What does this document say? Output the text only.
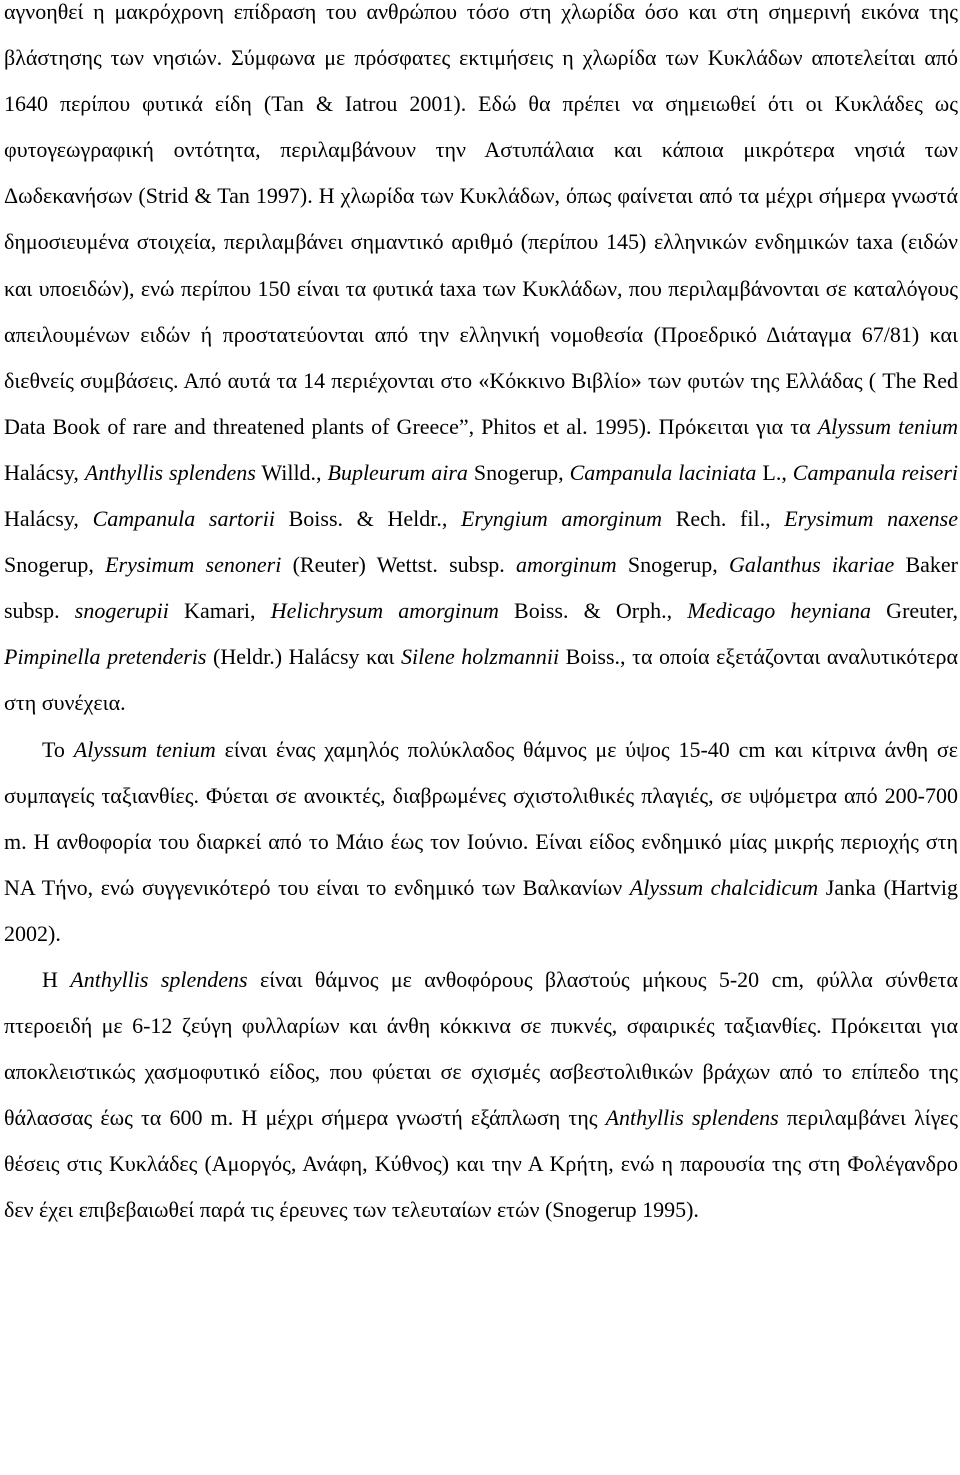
αγνοηθεί η μακρόχρονη επίδραση του ανθρώπου τόσο στη χλωρίδα όσο και στη σημερινή εικόνα της βλάστησης των νησιών. Σύμφωνα με πρόσφατες εκτιμήσεις η χλωρίδα των Κυκλάδων αποτελείται από 1640 περίπου φυτικά είδη (Tan & Iatrou 2001). Εδώ θα πρέπει να σημειωθεί ότι οι Κυκλάδες ως φυτογεωγραφική οντότητα, περιλαμβάνουν την Αστυπάλαια και κάποια μικρότερα νησιά των Δωδεκανήσων (Strid & Tan 1997). Η χλωρίδα των Κυκλάδων, όπως φαίνεται από τα μέχρι σήμερα γνωστά δημοσιευμένα στοιχεία, περιλαμβάνει σημαντικό αριθμό (περίπου 145) ελληνικών ενδημικών taxa (ειδών και υποειδών), ενώ περίπου 150 είναι τα φυτικά taxa των Κυκλάδων, που περιλαμβάνονται σε καταλόγους απειλουμένων ειδών ή προστατεύονται από την ελληνική νομοθεσία (Προεδρικό Διάταγμα 67/81) και διεθνείς συμβάσεις. Από αυτά τα 14 περιέχονται στο «Κόκκινο Βιβλίο» των φυτών της Ελλάδας ( The Red Data Book of rare and threatened plants of Greece”, Phitos et al. 1995). Πρόκειται για τα Alyssum tenium Halácsy, Anthyllis splendens Willd., Bupleurum aira Snogerup, Campanula laciniata L., Campanula reiseri Halácsy, Campanula sartorii Boiss. & Heldr., Eryngium amorginum Rech. fil., Erysimum naxense Snogerup, Erysimum senoneri (Reuter) Wettst. subsp. amorginum Snogerup, Galanthus ikariae Baker subsp. snogerupii Kamari, Helichrysum amorginum Boiss. & Orph., Medicago heyniana Greuter, Pimpinella pretenderis (Heldr.) Halácsy και Silene holzmannii Boiss., τα οποία εξετάζονται αναλυτικότερα στη συνέχεια.

Το Alyssum tenium είναι ένας χαμηλός πολύκλαδος θάμνος με ύψος 15-40 cm και κίτρινα άνθη σε συμπαγείς ταξιανθίες. Φύεται σε ανοικτές, διαβρωμένες σχιστολιθικές πλαγιές, σε υψόμετρα από 200-700 m. Η ανθοφορία του διαρκεί από το Μάιο έως τον Ιούνιο. Είναι είδος ενδημικό μίας μικρής περιοχής στη ΝΑ Τήνο, ενώ συγγενικότερό του είναι το ενδημικό των Βαλκανίων Alyssum chalcidicum Janka (Hartvig 2002).

Η Anthyllis splendens είναι θάμνος με ανθοφόρους βλαστούς μήκους 5-20 cm, φύλλα σύνθετα πτεροειδή με 6-12 ζεύγη φυλλαρίων και άνθη κόκκινα σε πυκνές, σφαιρικές ταξιανθίες. Πρόκειται για αποκλειστικώς χασμοφυτικό είδος, που φύεται σε σχισμές ασβεστολιθικών βράχων από το επίπεδο της θάλασσας έως τα 600 m. Η μέχρι σήμερα γνωστή εξάπλωση της Anthyllis splendens περιλαμβάνει λίγες θέσεις στις Κυκλάδες (Αμοργός, Ανάφη, Κύθνος) και την Α Κρήτη, ενώ η παρουσία της στη Φολέγανδρο δεν έχει επιβεβαιωθεί παρά τις έρευνες των τελευταίων ετών (Snogerup 1995).
